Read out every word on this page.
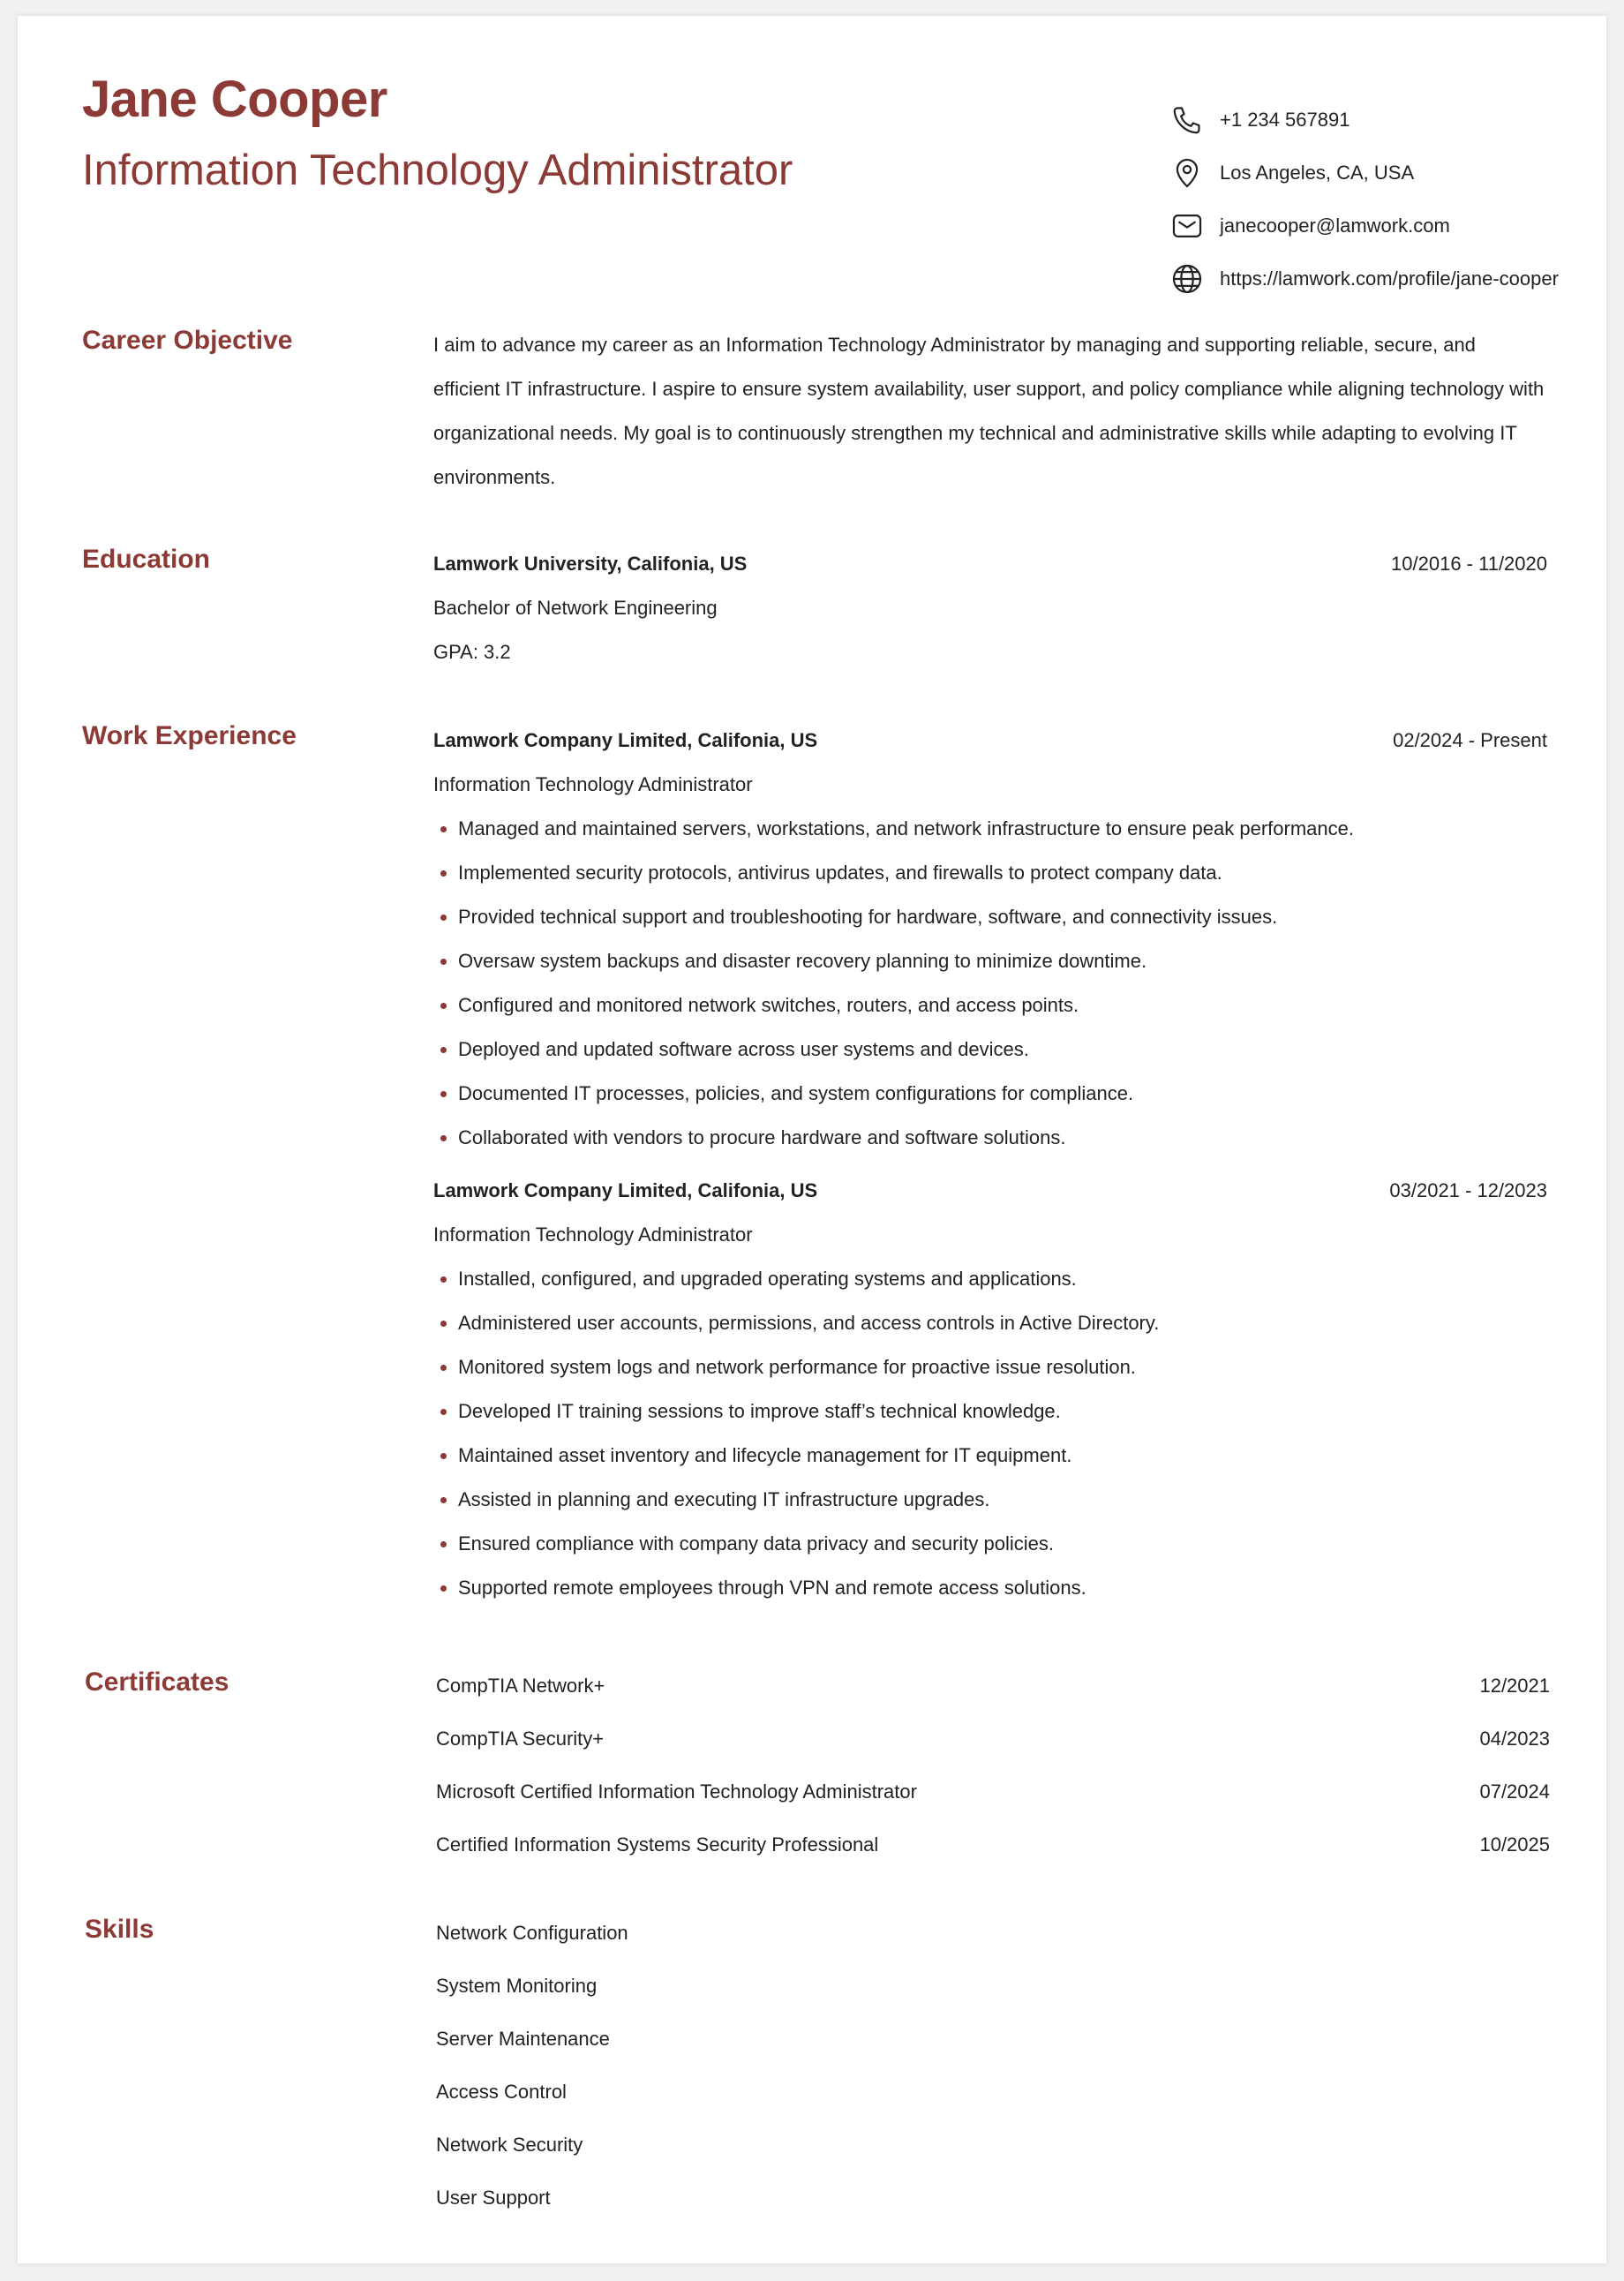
Jane Cooper
Information Technology Administrator
+1 234 567891
Los Angeles, CA, USA
janecooper@lamwork.com
https://lamwork.com/profile/jane-cooper
Career Objective	I aim to advance my career as an Information Technology Administrator by managing and supporting reliable, secure, and efficient IT infrastructure. I aspire to ensure system availability, user support, and policy compliance while aligning technology with organizational needs. My goal is to continuously strengthen my technical and administrative skills while adapting to evolving IT environments.

Education	Lamwork University, Califonia, US	10/2016 - 11/2020
Bachelor of Network Engineering
GPA: 3.2
Work Experience	Lamwork Company Limited, Califonia, US	02/2024 - Present
Information Technology Administrator
Managed and maintained servers, workstations, and network infrastructure to ensure peak performance.
Implemented security protocols, antivirus updates, and firewalls to protect company data.
Provided technical support and troubleshooting for hardware, software, and connectivity issues.
Oversaw system backups and disaster recovery planning to minimize downtime.
Configured and monitored network switches, routers, and access points.
Deployed and updated software across user systems and devices.
Documented IT processes, policies, and system configurations for compliance.
Collaborated with vendors to procure hardware and software solutions.
Lamwork Company Limited, Califonia, US	03/2021 - 12/2023
Information Technology Administrator
Installed, configured, and upgraded operating systems and applications.
Administered user accounts, permissions, and access controls in Active Directory.
Monitored system logs and network performance for proactive issue resolution.
Developed IT training sessions to improve staff’s technical knowledge.
Maintained asset inventory and lifecycle management for IT equipment.
Assisted in planning and executing IT infrastructure upgrades.
Ensured compliance with company data privacy and security policies.
Supported remote employees through VPN and remote access solutions.
Certificates	CompTIA Network+	12/2021
CompTIA Security+	04/2023
Microsoft Certified Information Technology Administrator	07/2024
Certified Information Systems Security Professional	10/2025
Skills	Network Configuration
System Monitoring
Server Maintenance
Access Control
Network Security
User Support
